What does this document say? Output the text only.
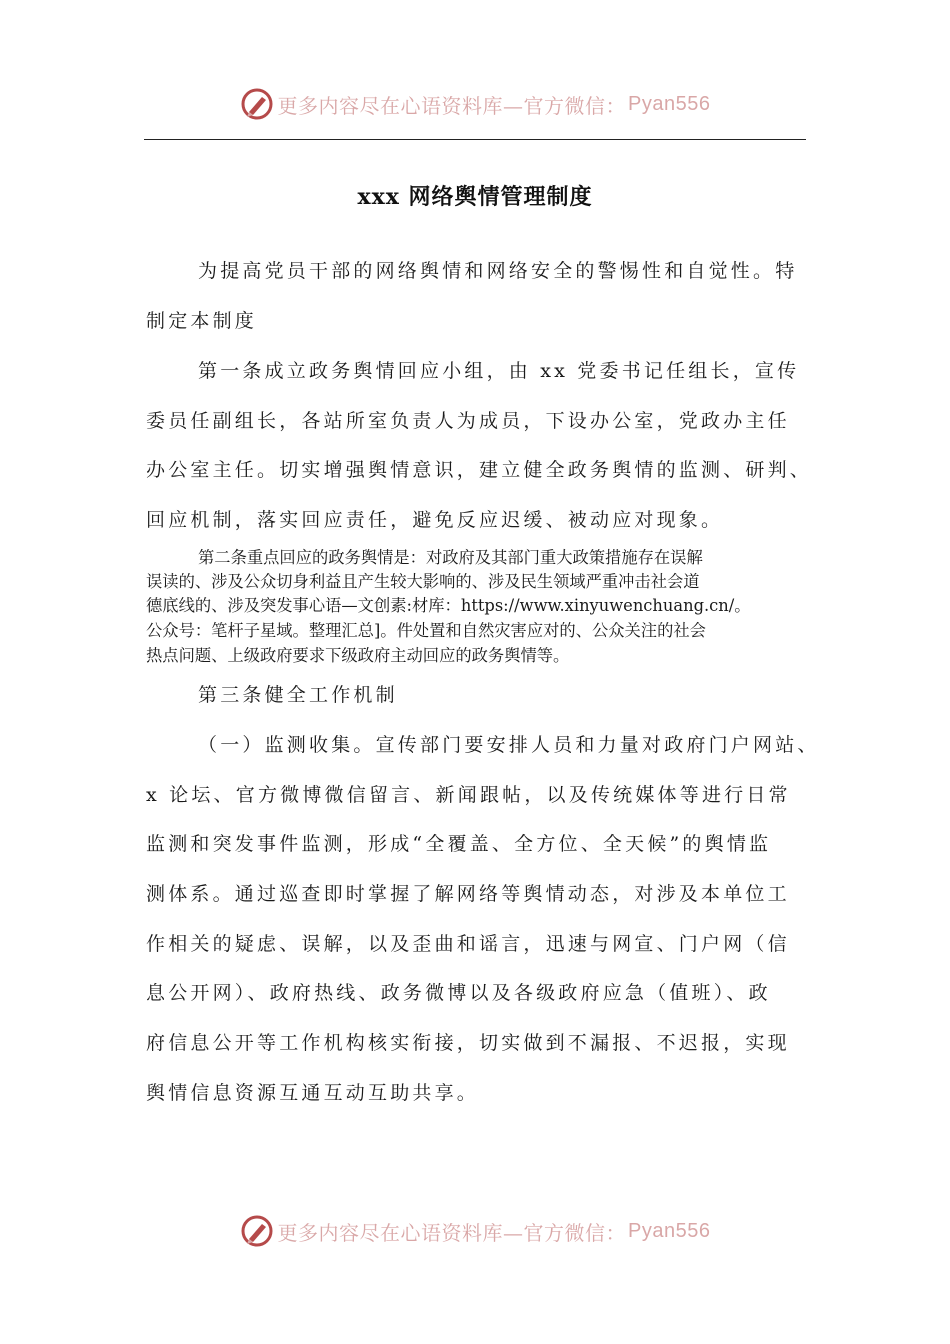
更多内容尽在心语资料库—官方微信： Pyan556
xxx 网络舆情管理制度
为提高党员干部的网络舆情和网络安全的警惕性和自觉性。特
制定本制度
第一条成立政务舆情回应小组，由 xx 党委书记任组长，宣传
委员任副组长，各站所室负责人为成员，下设办公室，党政办主任
办公室主任。切实增强舆情意识，建立健全政务舆情的监测、研判、
回应机制，落实回应责任，避免反应迟缓、被动应对现象。
第二条重点回应的政务舆情是：对政府及其部门重大政策措施存在误解
误读的、涉及公众切身利益且产生较大影响的、涉及民生领域严重冲击社会道
德底线的、涉及突发事心语—文创素:材库：https://www.xinyuwenchuang.cn/。
公众号：笔杆子星域。整理汇总]。件处置和自然灾害应对的、公众关注的社会
热点问题、上级政府要求下级政府主动回应的政务舆情等。
第三条健全工作机制
（一）监测收集。宣传部门要安排人员和力量对政府门户网站、
x 论坛、官方微博微信留言、新闻跟帖，以及传统媒体等进行日常
监测和突发事件监测，形成“全覆盖、全方位、全天候”的舆情监
测体系。通过巡查即时掌握了解网络等舆情动态，对涉及本单位工
作相关的疑虑、误解，以及歪曲和谣言，迅速与网宣、门户网（信
息公开网）、政府热线、政务微博以及各级政府应急（值班）、政
府信息公开等工作机构核实衔接，切实做到不漏报、不迟报，实现
舆情信息资源互通互动互助共享。
更多内容尽在心语资料库—官方微信： Pyan556
